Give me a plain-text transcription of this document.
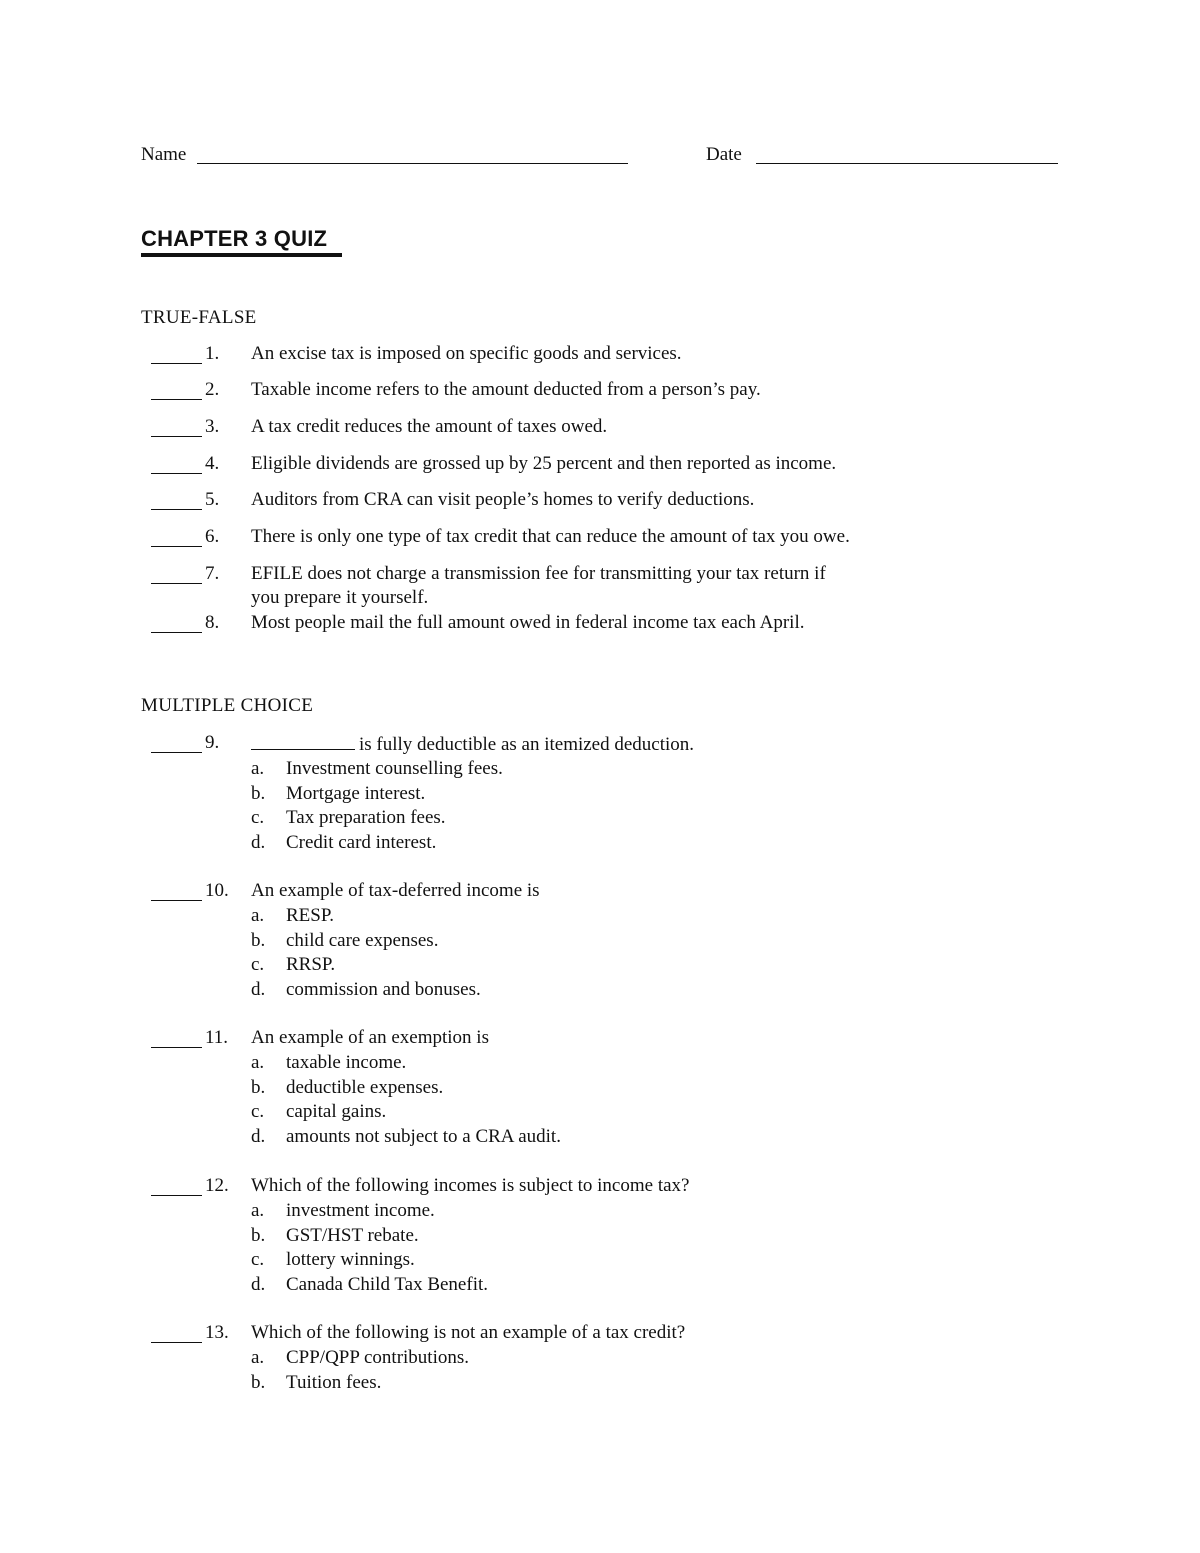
Name	Date
CHAPTER 3 QUIZ
TRUE-FALSE
1. An excise tax is imposed on specific goods and services.
2. Taxable income refers to the amount deducted from a person’s pay.
3. A tax credit reduces the amount of taxes owed.
4. Eligible dividends are grossed up by 25 percent and then reported as income.
5. Auditors from CRA can visit people’s homes to verify deductions.
6. There is only one type of tax credit that can reduce the amount of tax you owe.
7. EFILE does not charge a transmission fee for transmitting your tax return if
you prepare it yourself.
8. Most people mail the full amount owed in federal income tax each April.
MULTIPLE CHOICE
9.	is fully deductible as an itemized deduction.
a. Investment counselling fees.
b. Mortgage interest.
c. Tax preparation fees.
d. Credit card interest.
10. An example of tax-deferred income is
a. RESP.
b. child care expenses.
c. RRSP.
d. commission and bonuses.
11. An example of an exemption is
a. taxable income.
b. deductible expenses.
c. capital gains.
d. amounts not subject to a CRA audit.
12. Which of the following incomes is subject to income tax?
a. investment income.
b. GST/HST rebate.
c. lottery winnings.
d. Canada Child Tax Benefit.
13. Which of the following is not an example of a tax credit?
a. CPP/QPP contributions.
b. Tuition fees.
